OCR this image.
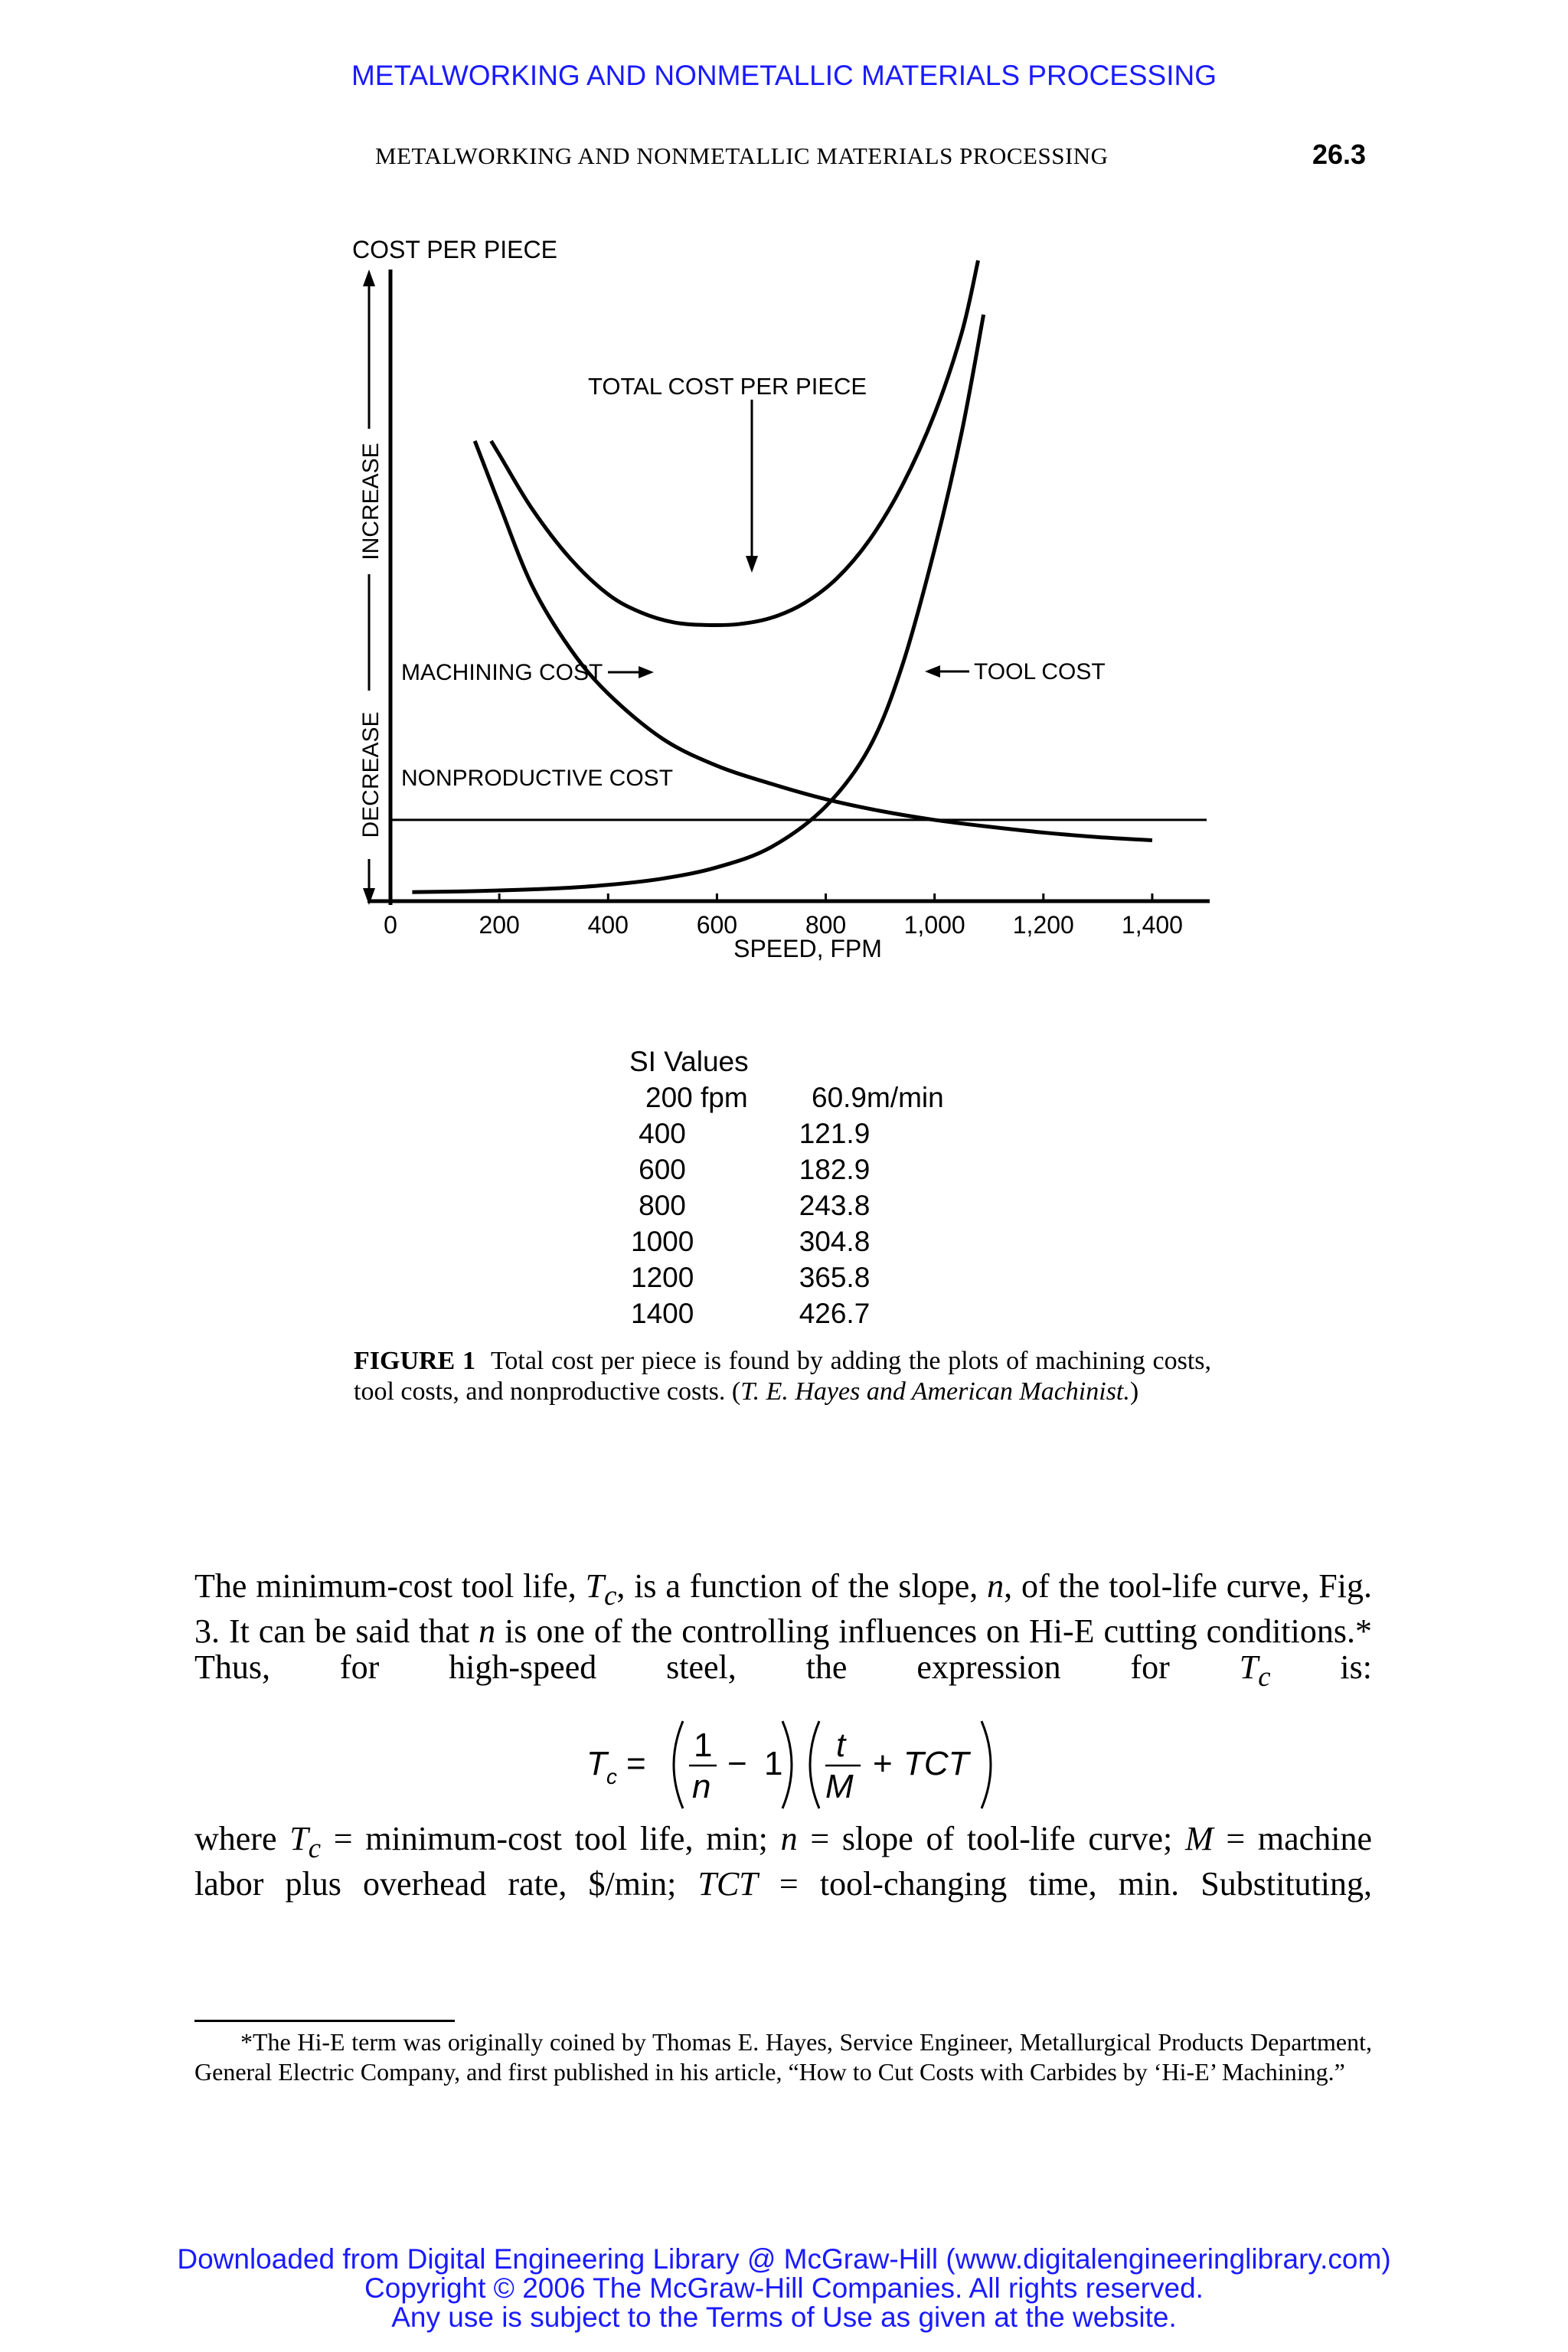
METALWORKING AND NONMETALLIC MATERIALS PROCESSING
METALWORKING AND NONMETALLIC MATERIALS PROCESSING	26.3
INCREASE
DECREASE
COST PER PIECE
0	200	400	600	800 1,000 1,200 1,400
SPEED, FPM
TOTAL COST PER PIECE
MACHINING COST	TOOL COST
NONPRODUCTIVE COST
SI Values
200 fpm 60.9m/min
400	121.9
600	182.9
800	243.8
1000	304.8
1200	365.8
1400	426.7
FIGURE 1 Total cost per piece is found by adding the plots of machining costs, tool costs, and nonproductive costs. (T. E. Hayes and American Machinist.)
The minimum-cost tool life, $T_c$, is a function of the slope, n, of the tool-life curve, Fig. 3. It can be said that n is one of the controlling influences on Hi-E cutting conditions.* Thus, for high-speed steel, the expression for $T_c$ is:
T c = 1
n
− 1 t
M
+ TCT
where $T_c$ = minimum-cost tool life, min; n = slope of tool-life curve; M = machine labor plus overhead rate, $/min; TCT = tool-changing time, min. Substituting,
*The Hi-E term was originally coined by Thomas E. Hayes, Service Engineer, Metallurgical Products Department, General Electric Company, and first published in his article, “How to Cut Costs with Carbides by ‘Hi-E’ Machining.”
Downloaded from Digital Engineering Library @ McGraw-Hill (www.digitalengineeringlibrary.com)
Copyright © 2006 The McGraw-Hill Companies. All rights reserved.
Any use is subject to the Terms of Use as given at the website.
